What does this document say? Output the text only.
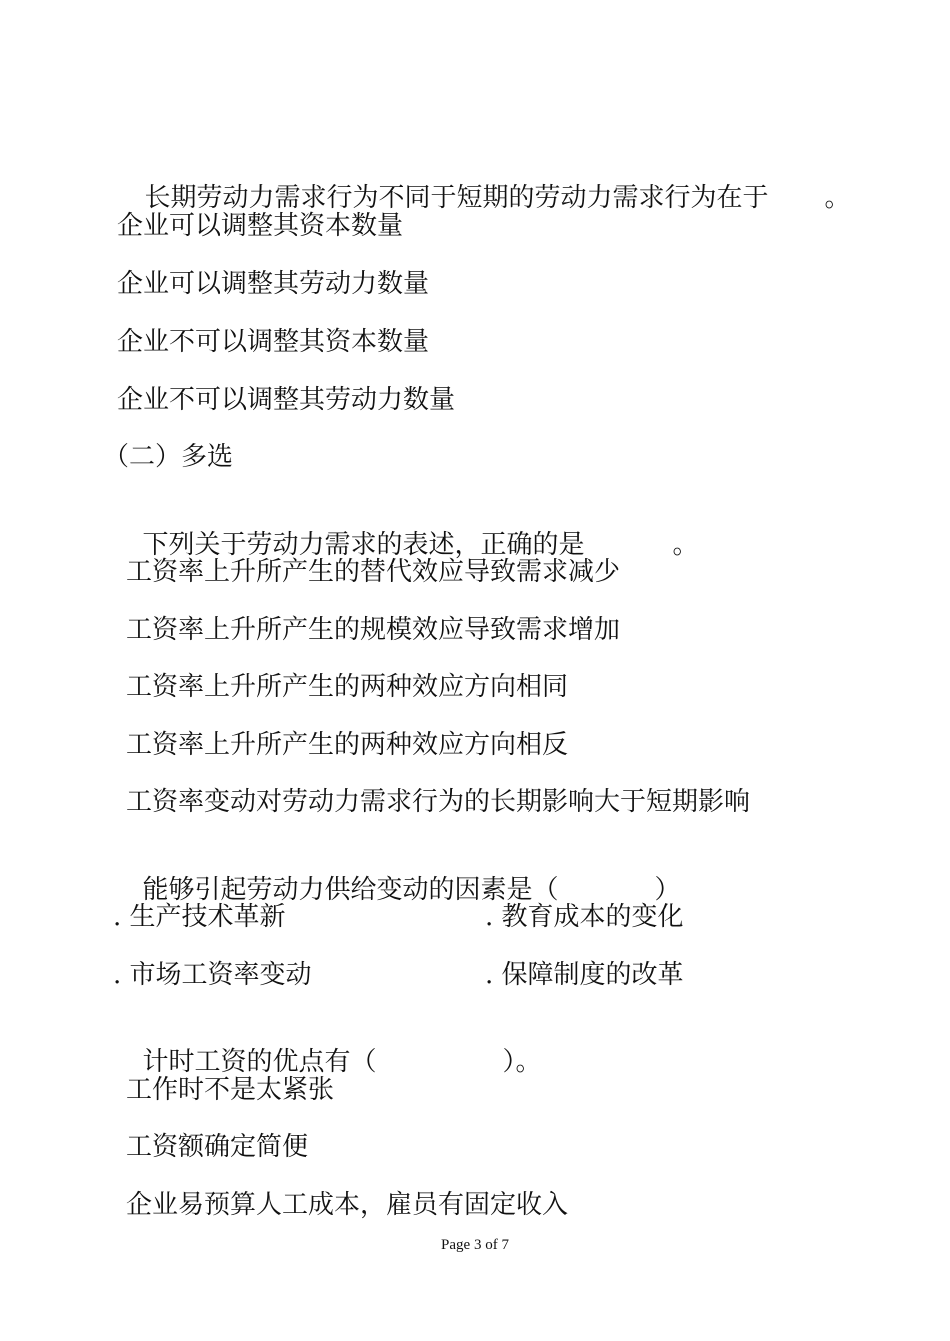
长期劳动力需求行为不同于短期的劳动力需求行为在于 。

企业可以调整其资本数量
企业可以调整其劳动力数量
企业不可以调整其资本数量
企业不可以调整其劳动力数量
（二）多选

下列关于劳动力需求的表述，正确的是	。

工资率上升所产生的替代效应导致需求减少
工资率上升所产生的规模效应导致需求增加
工资率上升所产生的两种效应方向相同
工资率上升所产生的两种效应方向相反
工资率变动对劳动力需求行为的长期影响大于短期影响

能够引起劳动力供给变动的因素是（	）

. 生产技术革新	. 教育成本的变化
. 市场工资率变动	. 保障制度的改革

计时工资的优点有（	）。

工作时不是太紧张
工资额确定简便
企业易预算人工成本，雇员有固定收入
Page 3 of 7
